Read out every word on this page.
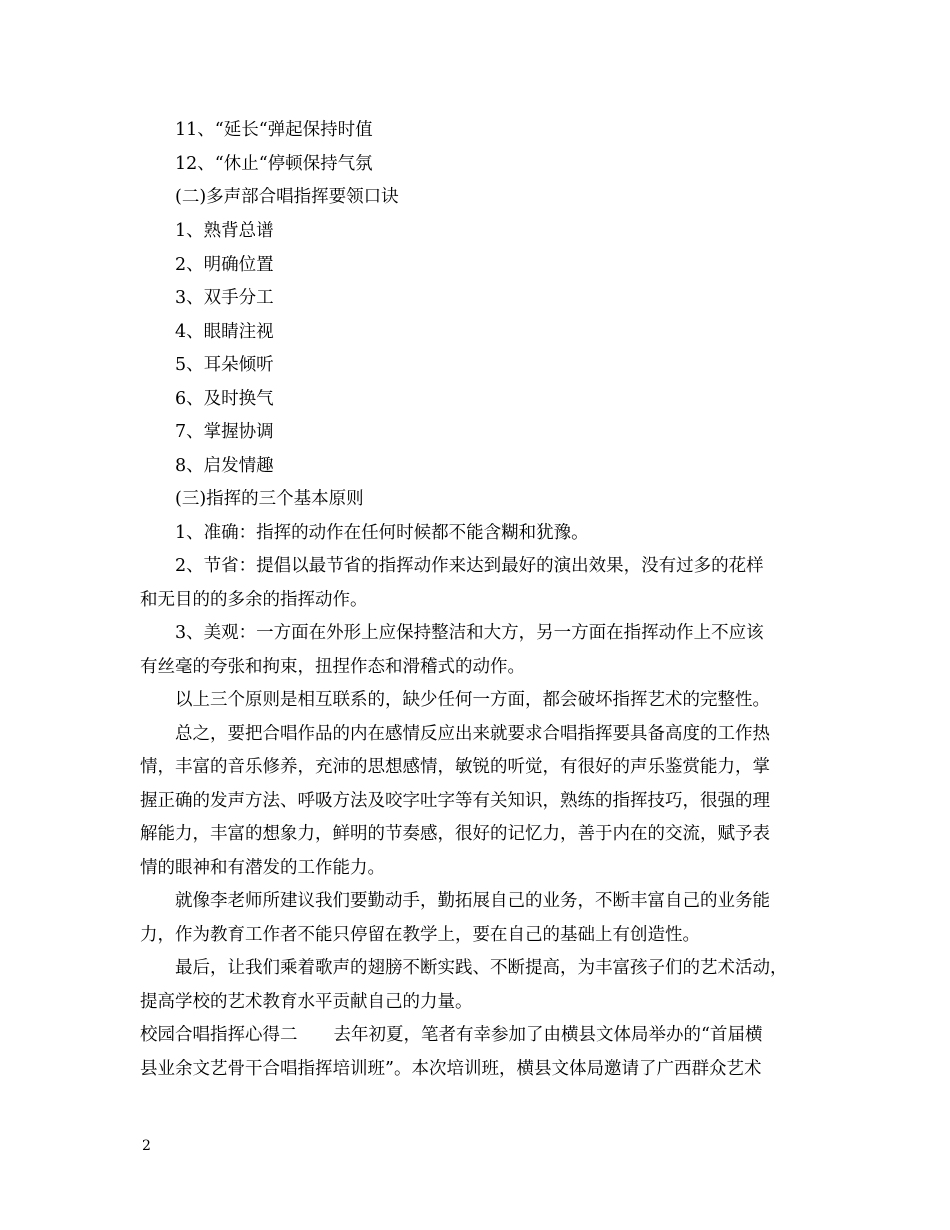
11、“延长“弹起保持时值
12、“休止“停顿保持气氛
(二)多声部合唱指挥要领口诀
1、熟背总谱
2、明确位置
3、双手分工
4、眼睛注视
5、耳朵倾听
6、及时换气
7、掌握协调
8、启发情趣
(三)指挥的三个基本原则
1、准确：指挥的动作在任何时候都不能含糊和犹豫。
2、节省：提倡以最节省的指挥动作来达到最好的演出效果，没有过多的花样
和无目的的多余的指挥动作。
3、美观：一方面在外形上应保持整洁和大方，另一方面在指挥动作上不应该
有丝毫的夸张和拘束，扭捏作态和滑稽式的动作。
以上三个原则是相互联系的，缺少任何一方面，都会破坏指挥艺术的完整性。
总之，要把合唱作品的内在感情反应出来就要求合唱指挥要具备高度的工作热
情，丰富的音乐修养，充沛的思想感情，敏锐的听觉，有很好的声乐鉴赏能力，掌
握正确的发声方法、呼吸方法及咬字吐字等有关知识，熟练的指挥技巧，很强的理
解能力，丰富的想象力，鲜明的节奏感，很好的记忆力，善于内在的交流，赋予表
情的眼神和有潜发的工作能力。
就像李老师所建议我们要勤动手，勤拓展自己的业务，不断丰富自己的业务能
力，作为教育工作者不能只停留在教学上，要在自己的基础上有创造性。
最后，让我们乘着歌声的翅膀不断实践、不断提高，为丰富孩子们的艺术活动，
提高学校的艺术教育水平贡献自己的力量。
校园合唱指挥心得二 去年初夏，笔者有幸参加了由横县文体局举办的“首届横
县业余文艺骨干合唱指挥培训班”。本次培训班，横县文体局邀请了广西群众艺术
2
